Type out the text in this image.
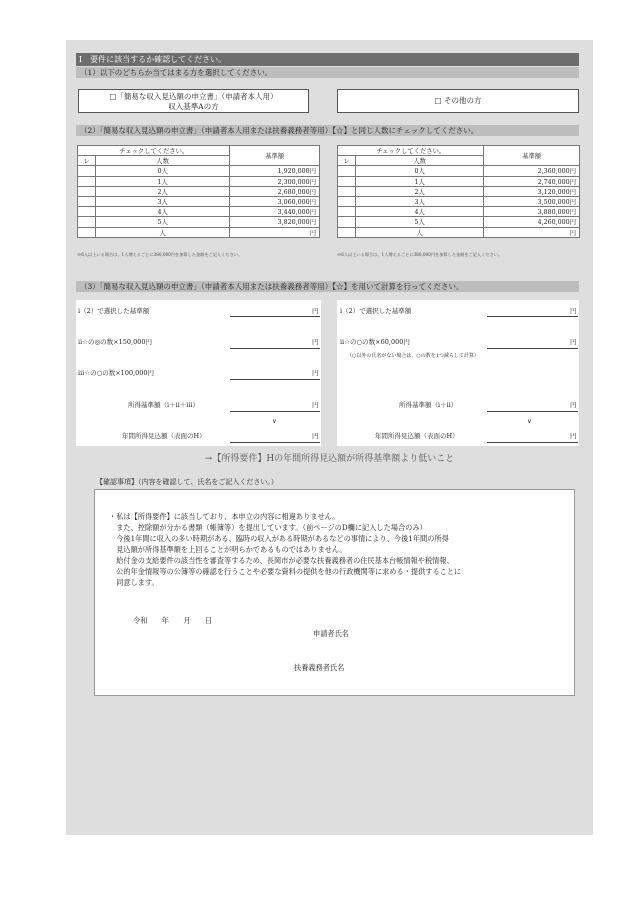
Ⅰ　要件に該当するか確認してください。
（1）以下のどちらか当てはまる方を選択してください。
□「簡易な収入見込額の申立書」（申請者本人用）
収入基準Aの方
□ その他の方
（2）「簡易な収入見込額の申立書」（申請者本人用または扶養義務者等用）【☆】と同じ人数にチェックしてください。
チェックしてください。		基準額
レ	人数	
	0人	1,920,000円
	1人	2,300,000円
	2人	2,680,000円
	3人	3,060,000円
	4人	3,440,000円
	5人	3,820,000円
	人	円
※6人以上いる場合は、1人増えるごとに380,000円を加算した金額をご記入ください。
チェックしてください。		基準額
レ	人数	
	0人	2,360,000円
	1人	2,740,000円
	2人	3,120,000円
	3人	3,500,000円
	4人	3,880,000円
	5人	4,260,000円
	人	円
※6人以上いる場合は、1人増えるごとに380,000円を加算した金額をご記入ください。
（3）「簡易な収入見込額の申立書」（申請者本人用または扶養義務者等用）【☆】を用いて計算を行ってください。
ⅰ（2）で選択した基準額	円
ⅱ☆の◎の数×150,000円	円
ⅲ☆の○の数×100,000円	円
所得基準額（ⅰ＋ⅱ＋ⅲ）	円
∨
年間所得見込額（表面のH）	円
ⅰ（2）で選択した基準額	円
ⅱ☆の○の数×60,000円	円
（○以外の氏名がない場合は、○の数を1つ減らして計算）
所得基準額（ⅰ＋ⅱ）	円
∨
年間所得見込額（表面のH）	円
→【所得要件】Hの年間所得見込額が所得基準額より低いこと
【確認事項】（内容を確認して、氏名をご記入ください。）
・私は【所得要件】に該当しており、本申立の内容に相違ありません。
　また、控除額が分かる書類（帳簿等）を提出しています。（前ページのD欄に記入した場合のみ）
　今後1年間に収入の多い時期がある、臨時の収入がある時期があるなどの事情により、今後1年間の所得
　見込額が所得基準額を上回ることが明らかであるものではありません。
　給付金の支給要件の該当性を審査等するため、長岡市が必要な扶養義務者の住民基本台帳情報や税情報、
　公的年金情報等の公簿等の確認を行うことや必要な資料の提供を他の行政機関等に求める・提供することに
　同意します。
令和　　年　　月　　日
申請者氏名
扶養義務者氏名
